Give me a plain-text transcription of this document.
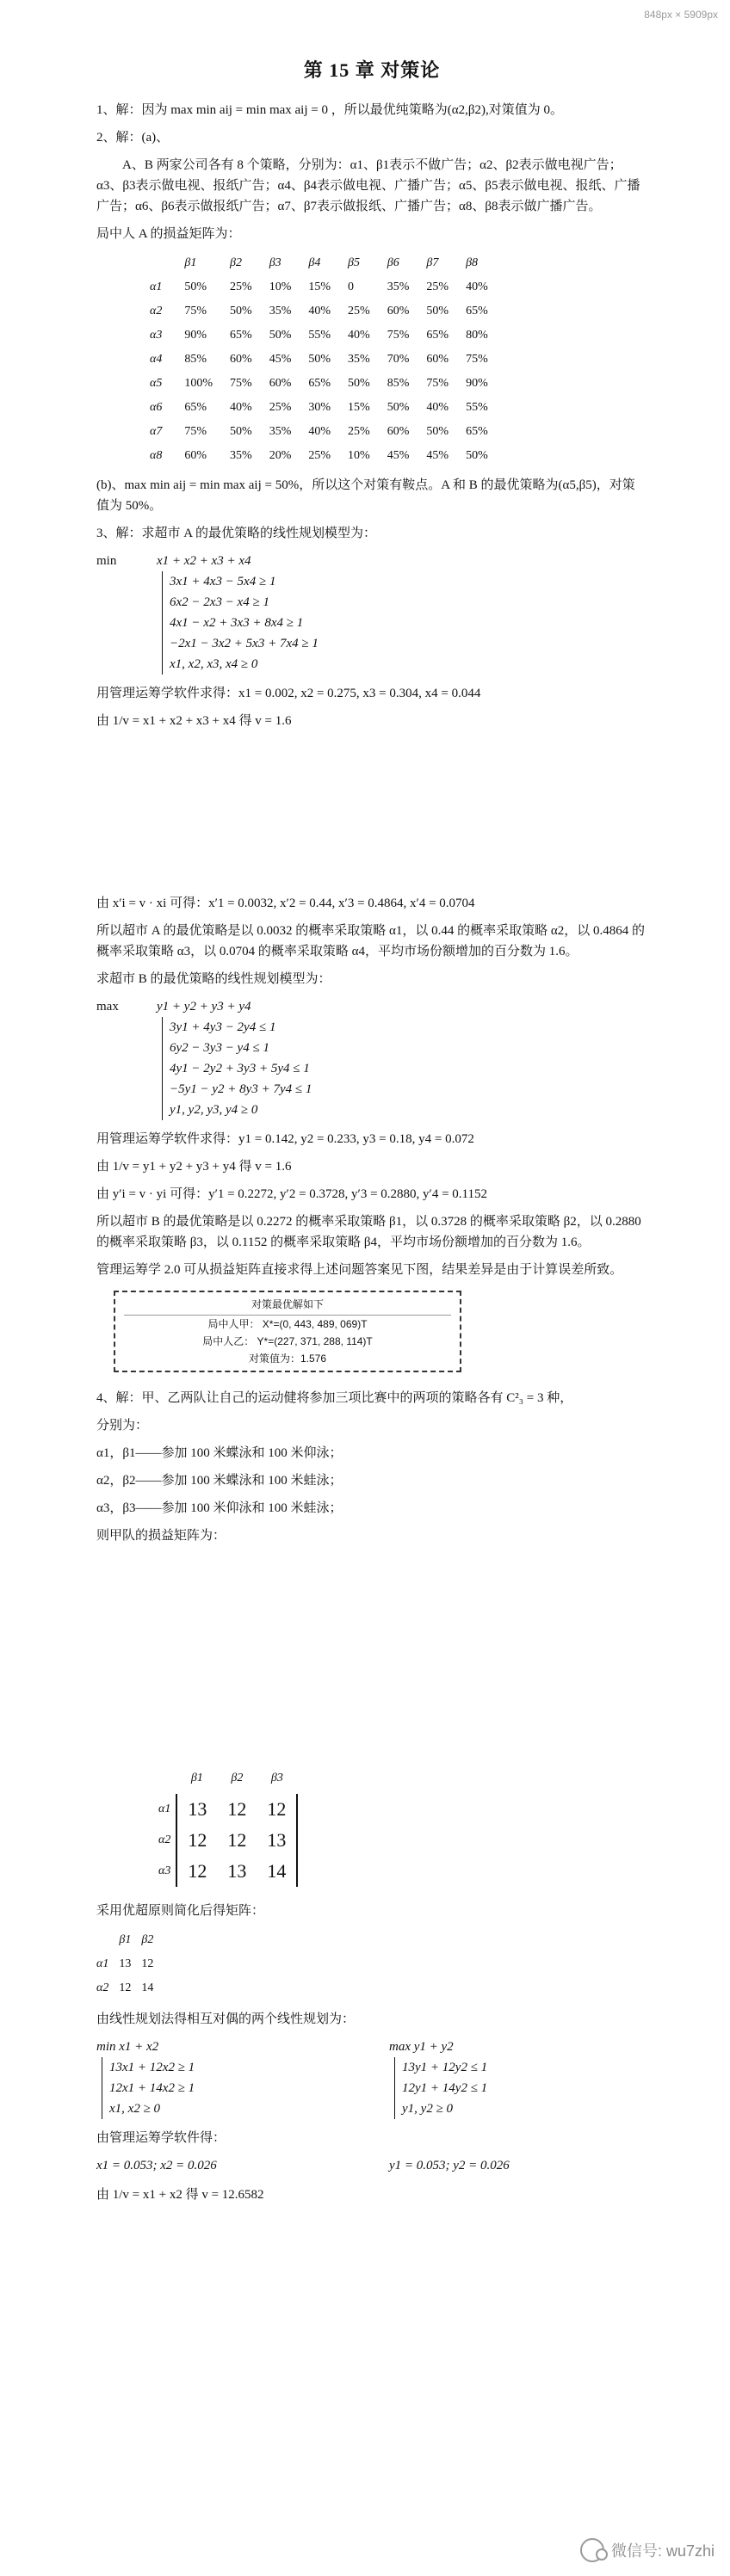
848px × 5909px
第 15 章 对策论

1、解：因为 max min aij = min max aij = 0 ，所以最优纯策略为(α2,β2),对策值为 0。

2、解：(a)、

A、B 两家公司各有 8 个策略，分别为：α1、β1表示不做广告；α2、β2表示做电视广告；α3、β3表示做电视、报纸广告；α4、β4表示做电视、广播广告；α5、β5表示做电视、报纸、广播广告；α6、β6表示做报纸广告；α7、β7表示做报纸、广播广告；α8、β8表示做广播广告。

局中人 A 的损益矩阵为：

	β1	β2	β3	β4	β5	β6	β7	β8
α1	50%	25%	10%	15%	0	35%	25%	40%
α2	75%	50%	35%	40%	25%	60%	50%	65%
α3	90%	65%	50%	55%	40%	75%	65%	80%
α4	85%	60%	45%	50%	35%	70%	60%	75%
α5	100%	75%	60%	65%	50%	85%	75%	90%
α6	65%	40%	25%	30%	15%	50%	40%	55%
α7	75%	50%	35%	40%	25%	60%	50%	65%
α8	60%	35%	20%	25%	10%	45%	45%	50%

(b)、max min aij = min max aij = 50%，所以这个对策有鞍点。A 和 B 的最优策略为(α5,β5)，对策值为 50%。

3、解：求超市 A 的最优策略的线性规划模型为：

min	x1 + x2 + x3 + x4
3x1 + 4x3 − 5x4 ≥ 1
6x2 − 2x3 − x4 ≥ 1
4x1 − x2 + 3x3 + 8x4 ≥ 1
−2x1 − 3x2 + 5x3 + 7x4 ≥ 1
x1, x2, x3, x4 ≥ 0

用管理运筹学软件求得：x1 = 0.002, x2 = 0.275, x3 = 0.304, x4 = 0.044

由 1/v = x1 + x2 + x3 + x4 得 v = 1.6

由 x′i = v · xi 可得：x′1 = 0.0032, x′2 = 0.44, x′3 = 0.4864, x′4 = 0.0704

所以超市 A 的最优策略是以 0.0032 的概率采取策略 α1，以 0.44 的概率采取策略 α2，以 0.4864 的概率采取策略 α3，以 0.0704 的概率采取策略 α4，平均市场份额增加的百分数为 1.6。

求超市 B 的最优策略的线性规划模型为：

max	y1 + y2 + y3 + y4
3y1 + 4y3 − 2y4 ≤ 1
6y2 − 3y3 − y4 ≤ 1
4y1 − 2y2 + 3y3 + 5y4 ≤ 1
−5y1 − y2 + 8y3 + 7y4 ≤ 1
y1, y2, y3, y4 ≥ 0

用管理运筹学软件求得：y1 = 0.142, y2 = 0.233, y3 = 0.18, y4 = 0.072

由 1/v = y1 + y2 + y3 + y4 得 v = 1.6

由 y′i = v · yi 可得：y′1 = 0.2272, y′2 = 0.3728, y′3 = 0.2880, y′4 = 0.1152

所以超市 B 的最优策略是以 0.2272 的概率采取策略 β1，以 0.3728 的概率采取策略 β2，以 0.2880 的概率采取策略 β3，以 0.1152 的概率采取策略 β4，平均市场份额增加的百分数为 1.6。

管理运筹学 2.0 可从损益矩阵直接求得上述问题答案见下图，结果差异是由于计算误差所致。

对策最优解如下
局中人甲： X*=(0, 443, 489, 069)T
局中人乙： Y*=(227, 371, 288, 114)T
对策值为：1.576

4、解：甲、乙两队让自己的运动健将参加三项比赛中的两项的策略各有 C²₃ = 3 种，

分别为：

α1，β1——参加 100 米蝶泳和 100 米仰泳；

α2，β2——参加 100 米蝶泳和 100 米蛙泳；

α3，β3——参加 100 米仰泳和 100 米蛙泳；

则甲队的损益矩阵为：

	β1	β2	β3
α1	13	12	12
α2	12	12	13
α3	12	13	14

采用优超原则简化后得矩阵：

	β1	β2
α1	13	12
α2	12	14

由线性规划法得相互对偶的两个线性规划为：

min x1 + x2
13x1 + 12x2 ≥ 1
12x1 + 14x2 ≥ 1
x1, x2 ≥ 0
max y1 + y2
13y1 + 12y2 ≤ 1
12y1 + 14y2 ≤ 1
y1, y2 ≥ 0

由管理运筹学软件得：

x1 = 0.053; x2 = 0.026	y1 = 0.053; y2 = 0.026

由 1/v = x1 + x2 得 v = 12.6582

微信号: wu7zhi
